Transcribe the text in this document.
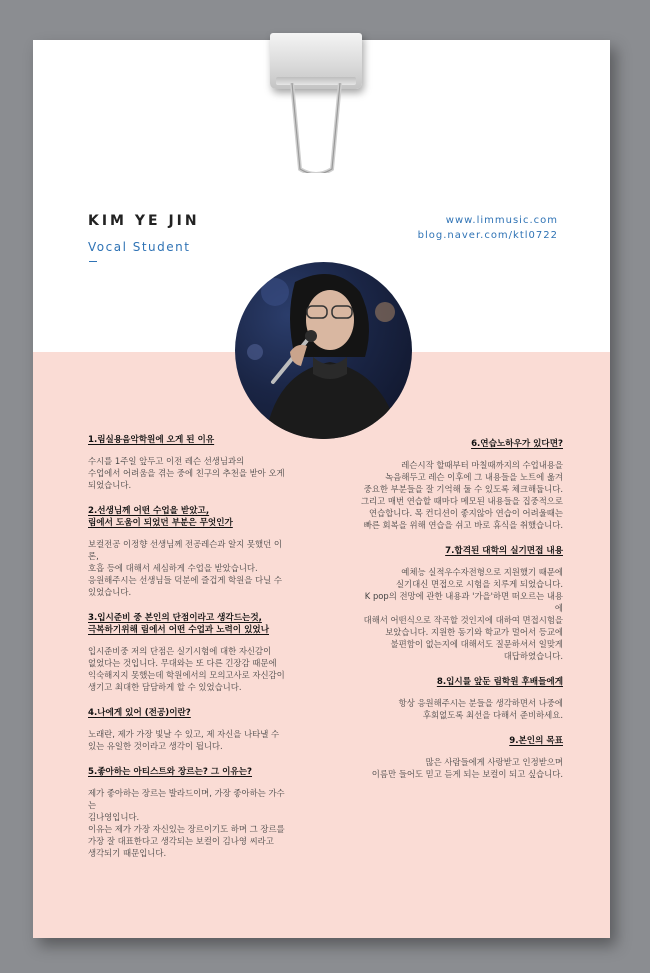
KIM YE JIN
Vocal Student
www.limmusic.com
blog.naver.com/ktl0722
1.림실용음악학원에 오게 된 이유
수시를 1주일 앞두고 이전 레슨 선생님과의
수업에서 어려움을 겪는 중에 친구의 추천을 받아 오게
되었습니다.
2.선생님께 어떤 수업을 받았고,
림에서 도움이 되었던 부분은 무엇인가
보컬전공 이정향 선생님께 전공레슨과 알지 못했던 이론,
호흡 등에 대해서 세심하게 수업을 받았습니다.
응원해주시는 선생님들 덕분에 즐겁게 학원을 다닐 수
있었습니다.
3.입시준비 중 본인의 단점이라고 생각드는것,
극복하기위해 림에서 어떤 수업과 노력이 있었나
입시준비중 저의 단점은 실기시험에 대한 자신감이
없었다는 것입니다. 무대와는 또 다른 긴장감 때문에
익숙해지지 못했는데 학원에서의 모의고사로 자신감이
생기고 최대한 담담하게 할 수 있었습니다.
4.나에게 있어 (전공)이란?
노래란, 제가 가장 빛날 수 있고, 제 자신을 나타낼 수
있는 유일한 것이라고 생각이 됩니다.
5.좋아하는 아티스트와 장르는? 그 이유는?
제가 좋아하는 장르는 발라드이며, 가장 좋아하는 가수는
김나영입니다.
이유는 제가 가장 자신있는 장르이기도 하며 그 장르를
가장 잘 대표한다고 생각되는 보컬이 김나영 씨라고
생각되기 때문입니다.
6.연습노하우가 있다면?
레슨시작 할때부터 마칠때까지의 수업내용을
녹음해두고 레슨 이후에 그 내용들을 노트에 옮겨
중요한 부분들을 잘 기억해 둘 수 있도록 체크해둡니다.
그리고 매번 연습할 때마다 메모된 내용들을 집중적으로
연습합니다. 목 컨디션이 좋지않아 연습이 어려울때는
빠른 회복을 위해 연습을 쉬고 바로 휴식을 취했습니다.
7.합격된 대학의 실기면접 내용
예체능 실적우수자전형으로 지원했기 때문에
실기대신 면접으로 시험을 치루게 되었습니다.
K pop의 전망에 관한 내용과 '가을'하면 떠오르는 내용에
대해서 어떤식으로 작곡할 것인지에 대하여 면접시험을
보았습니다. 지원한 동기와 학교가 멀어서 등교에
불편함이 없는지에 대해서도 질문하셔서 일맞게
대답하였습니다.
8.입시를 앞둔 림학원 후배들에게
항상 응원해주시는 분들을 생각하면서 나중에
후회없도록 최선을 다해서 준비하세요.
9.본인의 목표
많은 사람들에게 사랑받고 인정받으며
이름만 들어도 믿고 듣게 되는 보컬이 되고 싶습니다.
